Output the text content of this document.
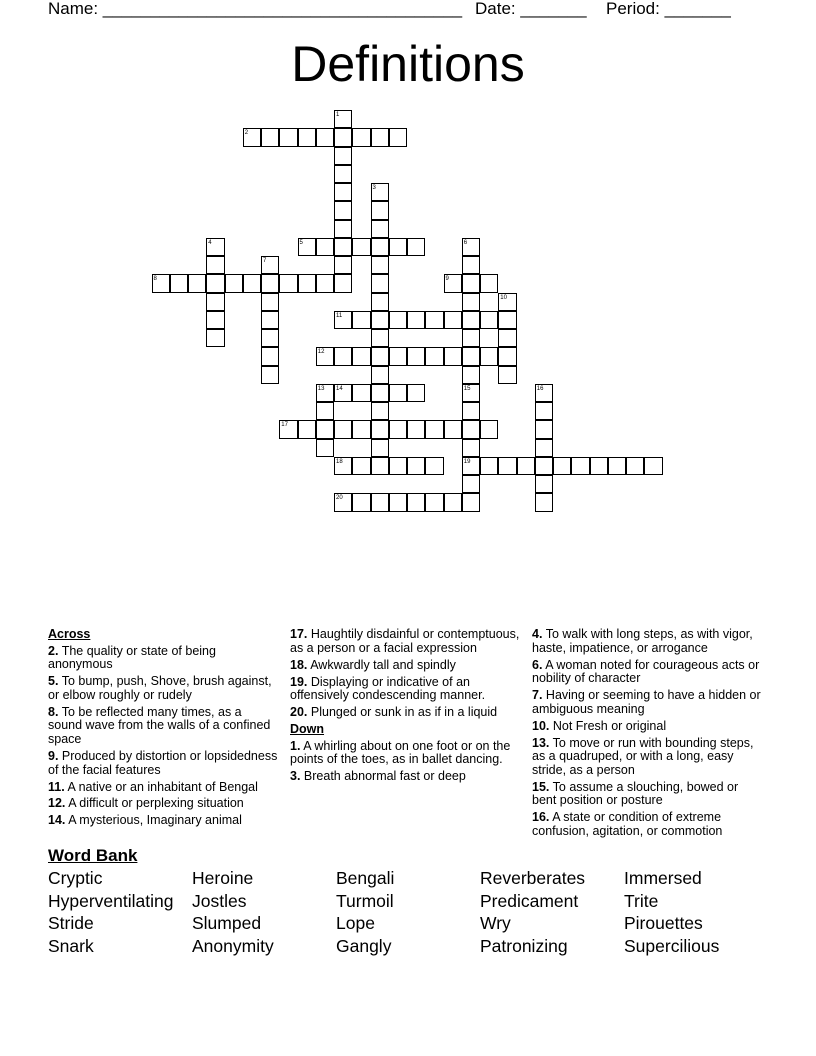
Name: ______________________________________ Date: _______ Period: _______
Definitions
1
2
3
4	5	6
7
8	9
10
11
12
13 14	15
19
16
17
18
20
Across
2. The quality or state of being anonymous
5. To bump, push, Shove, brush against, or elbow roughly or rudely
8. To be reflected many times, as a sound wave from the walls of a confined space
9. Produced by distortion or lopsidedness of the facial features
11. A native or an inhabitant of Bengal
12. A difficult or perplexing situation
14. A mysterious, Imaginary animal
17. Haughtily disdainful or contemptuous, as a person or a facial expression
18. Awkwardly tall and spindly
19. Displaying or indicative of an offensively condescending manner.
20. Plunged or sunk in as if in a liquid
Down
1. A whirling about on one foot or on the points of the toes, as in ballet dancing.
3. Breath abnormal fast or deep
4. To walk with long steps, as with vigor, haste, impatience, or arrogance
6. A woman noted for courageous acts or nobility of character
7. Having or seeming to have a hidden or ambiguous meaning
10. Not Fresh or original
13. To move or run with bounding steps, as a quadruped, or with a long, easy stride, as a person
15. To assume a slouching, bowed or bent position or posture
16. A state or condition of extreme confusion, agitation, or commotion
Word Bank
Cryptic	Heroine	Bengali	Reverberates Immersed
Hyperventilating Jostles	Turmoil	Predicament	Trite
Stride	Slumped	Lope	Wry	Pirouettes
Snark	Anonymity	Gangly	Patronizing	Supercilious
